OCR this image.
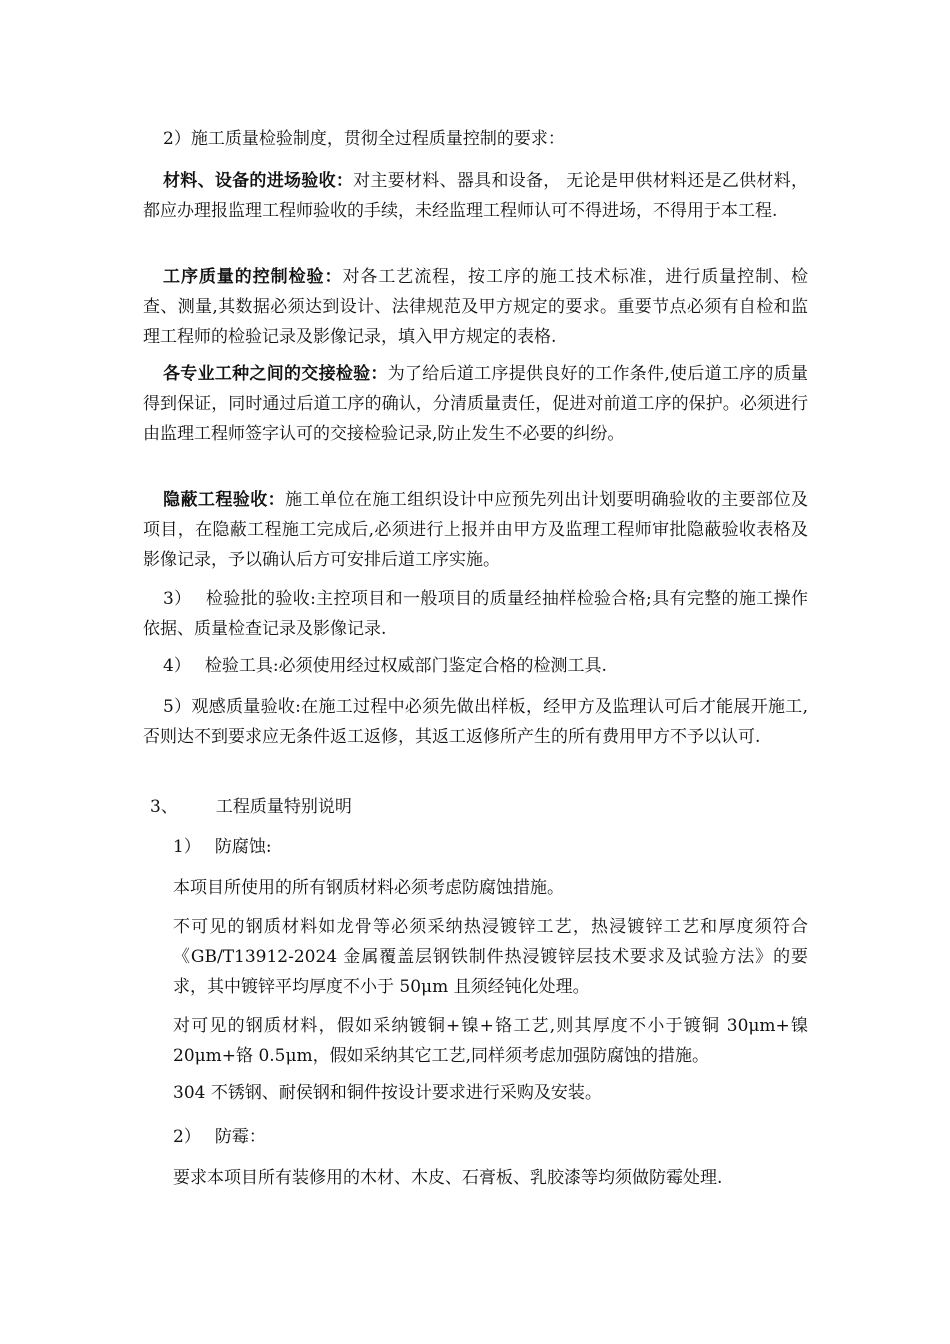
2）施工质量检验制度，贯彻全过程质量控制的要求：

材料、设备的进场验收：对主要材料、器具和设备， 无论是甲供材料还是乙供材料，都应办理报监理工程师验收的手续，未经监理工程师认可不得进场，不得用于本工程.

工序质量的控制检验：对各工艺流程，按工序的施工技术标准，进行质量控制、检查、测量,其数据必须达到设计、法律规范及甲方规定的要求。重要节点必须有自检和监理工程师的检验记录及影像记录，填入甲方规定的表格.

各专业工种之间的交接检验：为了给后道工序提供良好的工作条件,使后道工序的质量得到保证，同时通过后道工序的确认，分清质量责任，促进对前道工序的保护。必须进行由监理工程师签字认可的交接检验记录,防止发生不必要的纠纷。

隐蔽工程验收：施工单位在施工组织设计中应预先列出计划要明确验收的主要部位及项目，在隐蔽工程施工完成后,必须进行上报并由甲方及监理工程师审批隐蔽验收表格及影像记录，予以确认后方可安排后道工序实施。

3） 检验批的验收:主控项目和一般项目的质量经抽样检验合格;具有完整的施工操作依据、质量检查记录及影像记录.

4） 检验工具:必须使用经过权威部门鉴定合格的检测工具.

5）观感质量验收:在施工过程中必须先做出样板，经甲方及监理认可后才能展开施工,否则达不到要求应无条件返工返修，其返工返修所产生的所有费用甲方不予以认可.

3、 工程质量特别说明

1） 防腐蚀:

本项目所使用的所有钢质材料必须考虑防腐蚀措施。

不可见的钢质材料如龙骨等必须采纳热浸镀锌工艺，热浸镀锌工艺和厚度须符合《GB/T13912-2024 金属覆盖层钢铁制件热浸镀锌层技术要求及试验方法》的要求，其中镀锌平均厚度不小于 50μm 且须经钝化处理。

对可见的钢质材料，假如采纳镀铜+镍+铬工艺,则其厚度不小于镀铜 30μm+镍 20μm+铬 0.5μm，假如采纳其它工艺,同样须考虑加强防腐蚀的措施。

304 不锈钢、耐侯钢和铜件按设计要求进行采购及安装。

2） 防霉：

要求本项目所有装修用的木材、木皮、石膏板、乳胶漆等均须做防霉处理.
